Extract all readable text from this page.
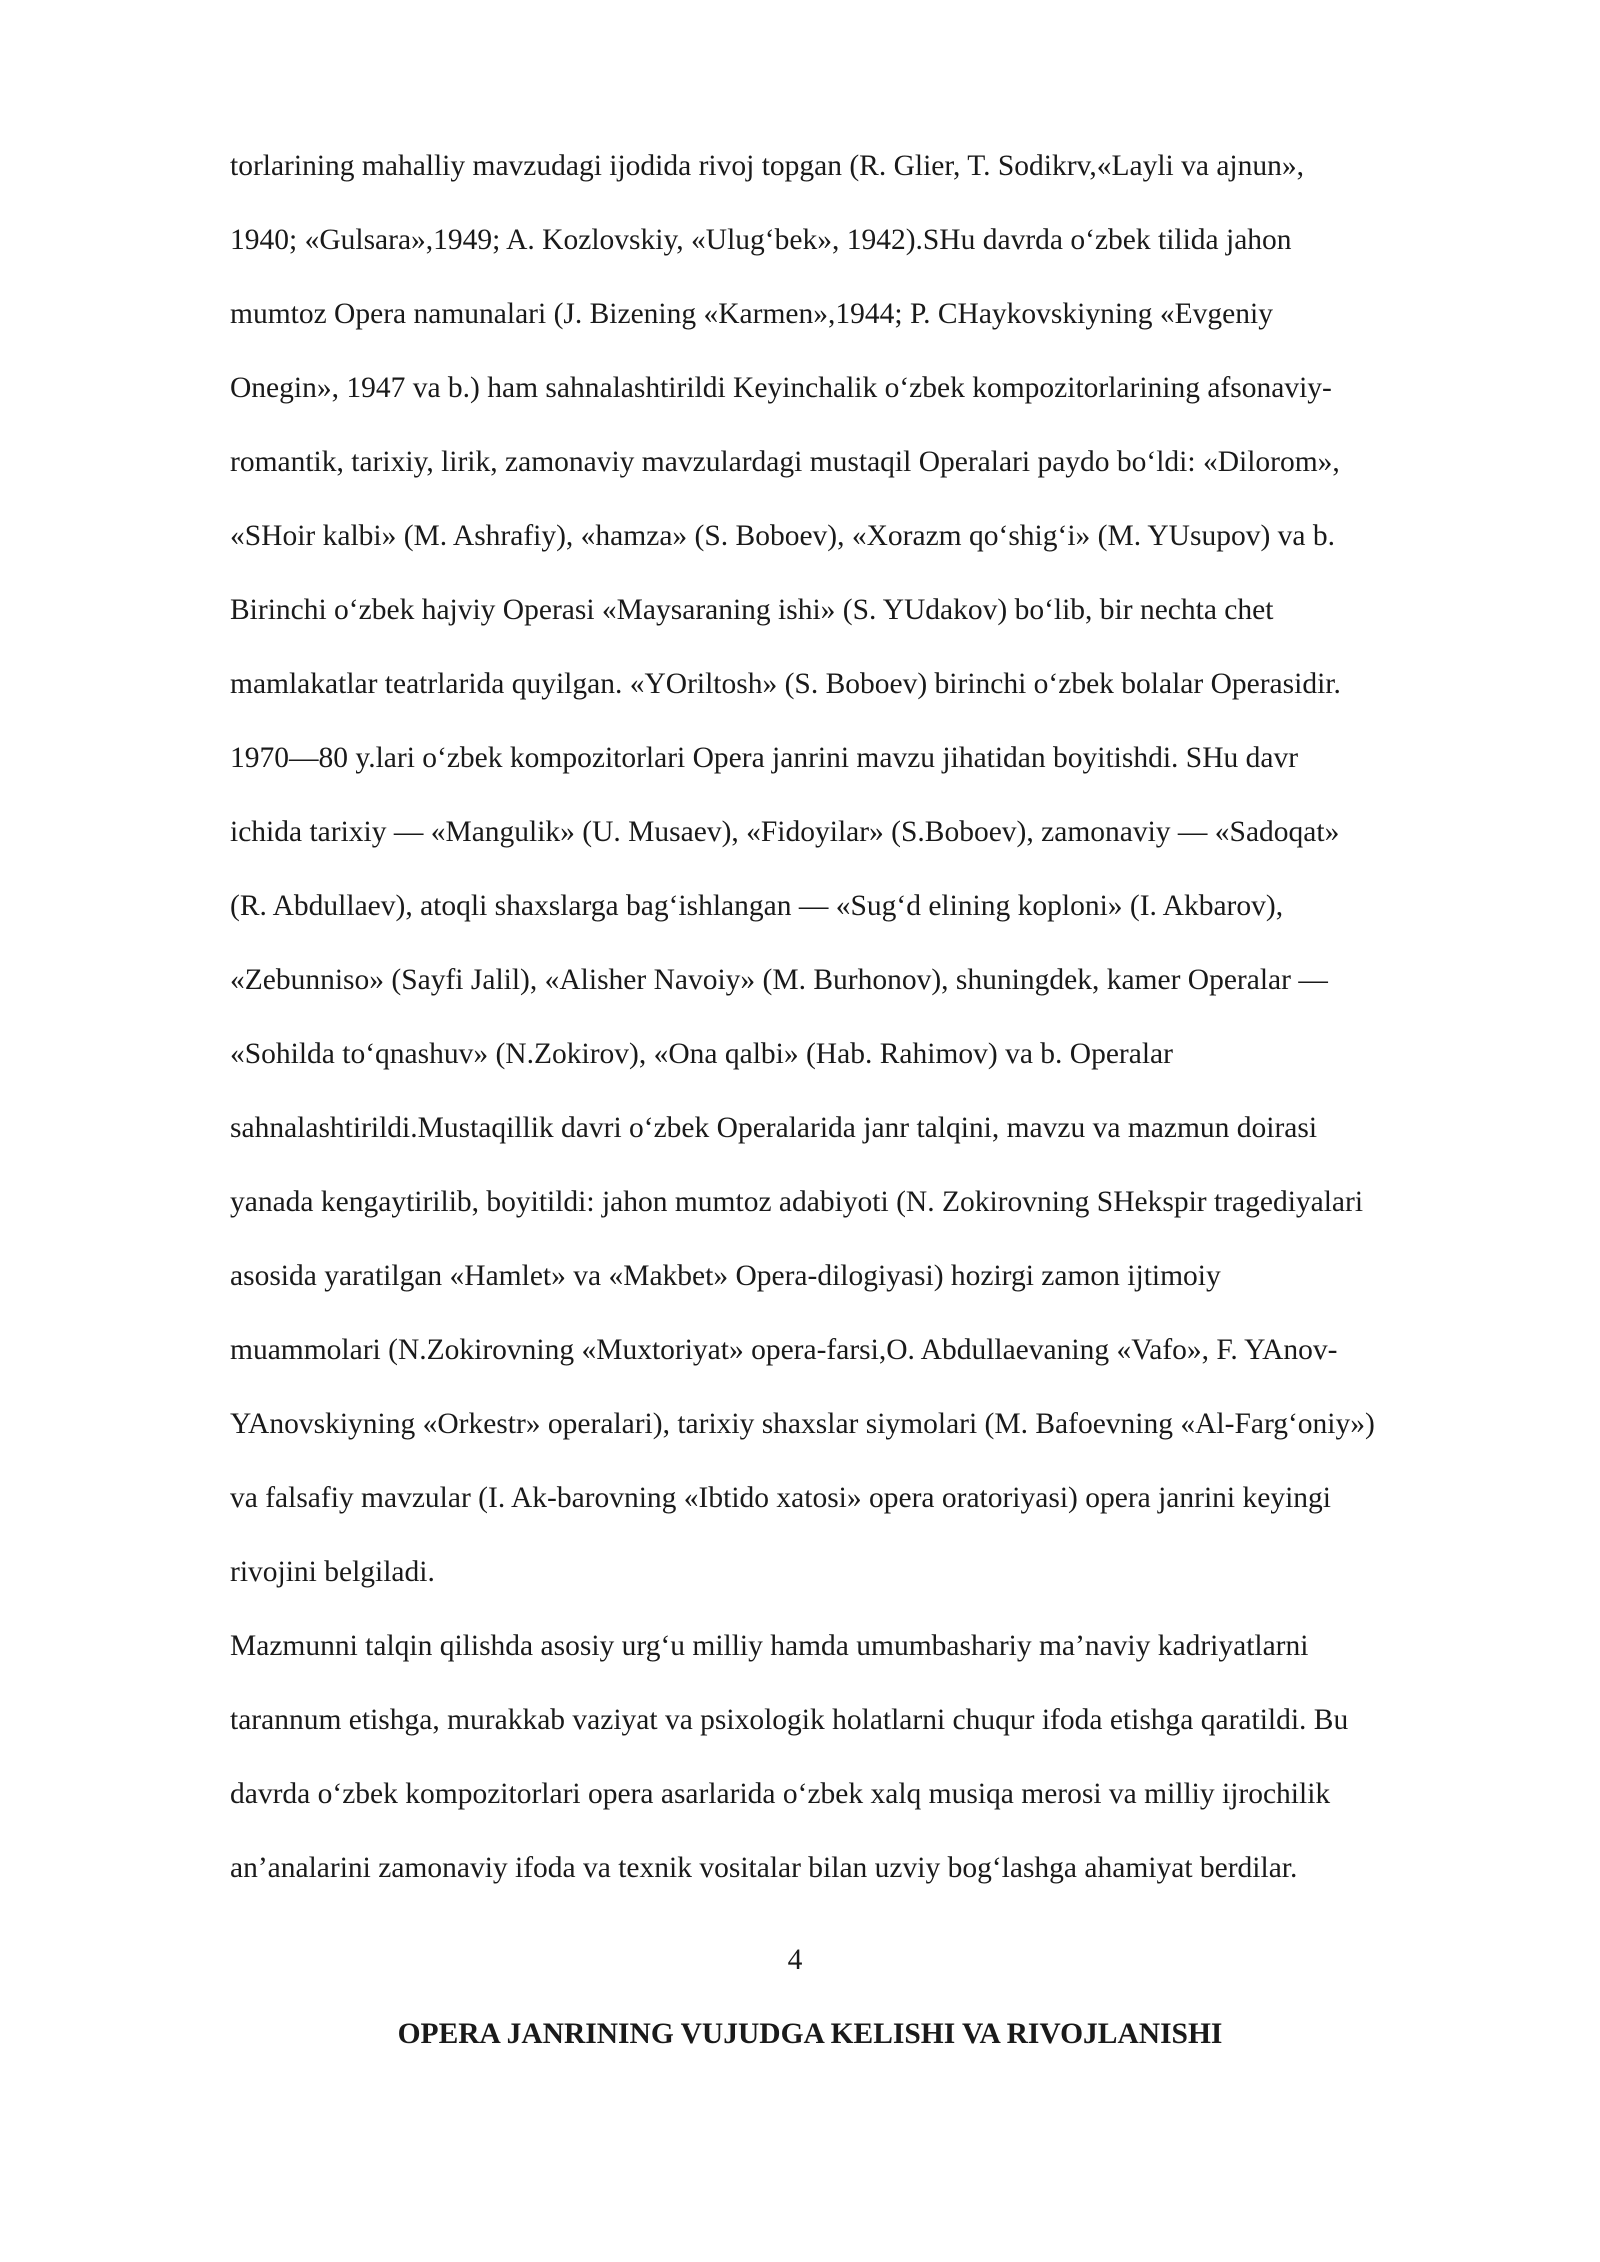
torlarining mahalliy mavzudagi ijodida rivoj topgan (R. Glier, T. Sodikrv,«Layli va ajnun»,
1940; «Gulsara»,1949; A. Kozlovskiy, «Ulug‘bek», 1942).SHu davrda o‘zbek tilida jahon
mumtoz Opera namunalari (J. Bizening «Karmen»,1944; P. CHaykovskiyning «Evgeniy
Onegin», 1947 va b.) ham sahnalashtirildi Keyinchalik o‘zbek kompozitorlarining afsonaviy-
romantik, tarixiy, lirik, zamonaviy mavzulardagi mustaqil Operalari paydo bo‘ldi: «Dilorom»,
«SHoir kalbi» (M. Ashrafiy), «hamza» (S. Boboev), «Xorazm qo‘shig‘i» (M. YUsupov) va b.
Birinchi o‘zbek hajviy Operasi «Maysaraning ishi» (S. YUdakov) bo‘lib, bir nechta chet
mamlakatlar teatrlarida quyilgan. «YOriltosh» (S. Boboev) birinchi o‘zbek bolalar Operasidir.
1970—80 y.lari o‘zbek kompozitorlari Opera janrini mavzu jihatidan boyitishdi. SHu davr
ichida tarixiy — «Mangulik» (U. Musaev), «Fidoyilar» (S.Boboev), zamonaviy — «Sadoqat»
(R. Abdullaev), atoqli shaxslarga bag‘ishlangan — «Sug‘d elining koploni» (I. Akbarov),
«Zebunniso» (Sayfi Jalil), «Alisher Navoiy» (M. Burhonov), shuningdek, kamer Operalar —
«Sohilda to‘qnashuv» (N.Zokirov), «Ona qalbi» (Hab. Rahimov) va b. Operalar
sahnalashtirildi.Mustaqillik davri o‘zbek Operalarida janr talqini, mavzu va mazmun doirasi
yanada kengaytirilib, boyitildi: jahon mumtoz adabiyoti (N. Zokirovning SHekspir tragediyalari
asosida yaratilgan «Hamlet» va «Makbet» Opera-dilogiyasi) hozirgi zamon ijtimoiy
muammolari (N.Zokirovning «Muxtoriyat» opera-farsi,O. Abdullaevaning «Vafo», F. YAnov-
YAnovskiyning «Orkestr» operalari), tarixiy shaxslar siymolari (M. Bafoevning «Al-Farg‘oniy»)
va falsafiy mavzular (I. Ak-barovning «Ibtido xatosi» opera oratoriyasi) opera janrini keyingi
rivojini belgiladi.
Mazmunni talqin qilishda asosiy urg‘u milliy hamda umumbashariy ma’naviy kadriyatlarni
tarannum etishga, murakkab vaziyat va psixologik holatlarni chuqur ifoda etishga qaratildi. Bu
davrda o‘zbek kompozitorlari opera asarlarida o‘zbek xalq musiqa merosi va milliy ijrochilik
an’analarini zamonaviy ifoda va texnik vositalar bilan uzviy bog‘lashga ahamiyat berdilar.
4
OPERA JANRINING VUJUDGA KELISHI VA RIVOJLANISHI
